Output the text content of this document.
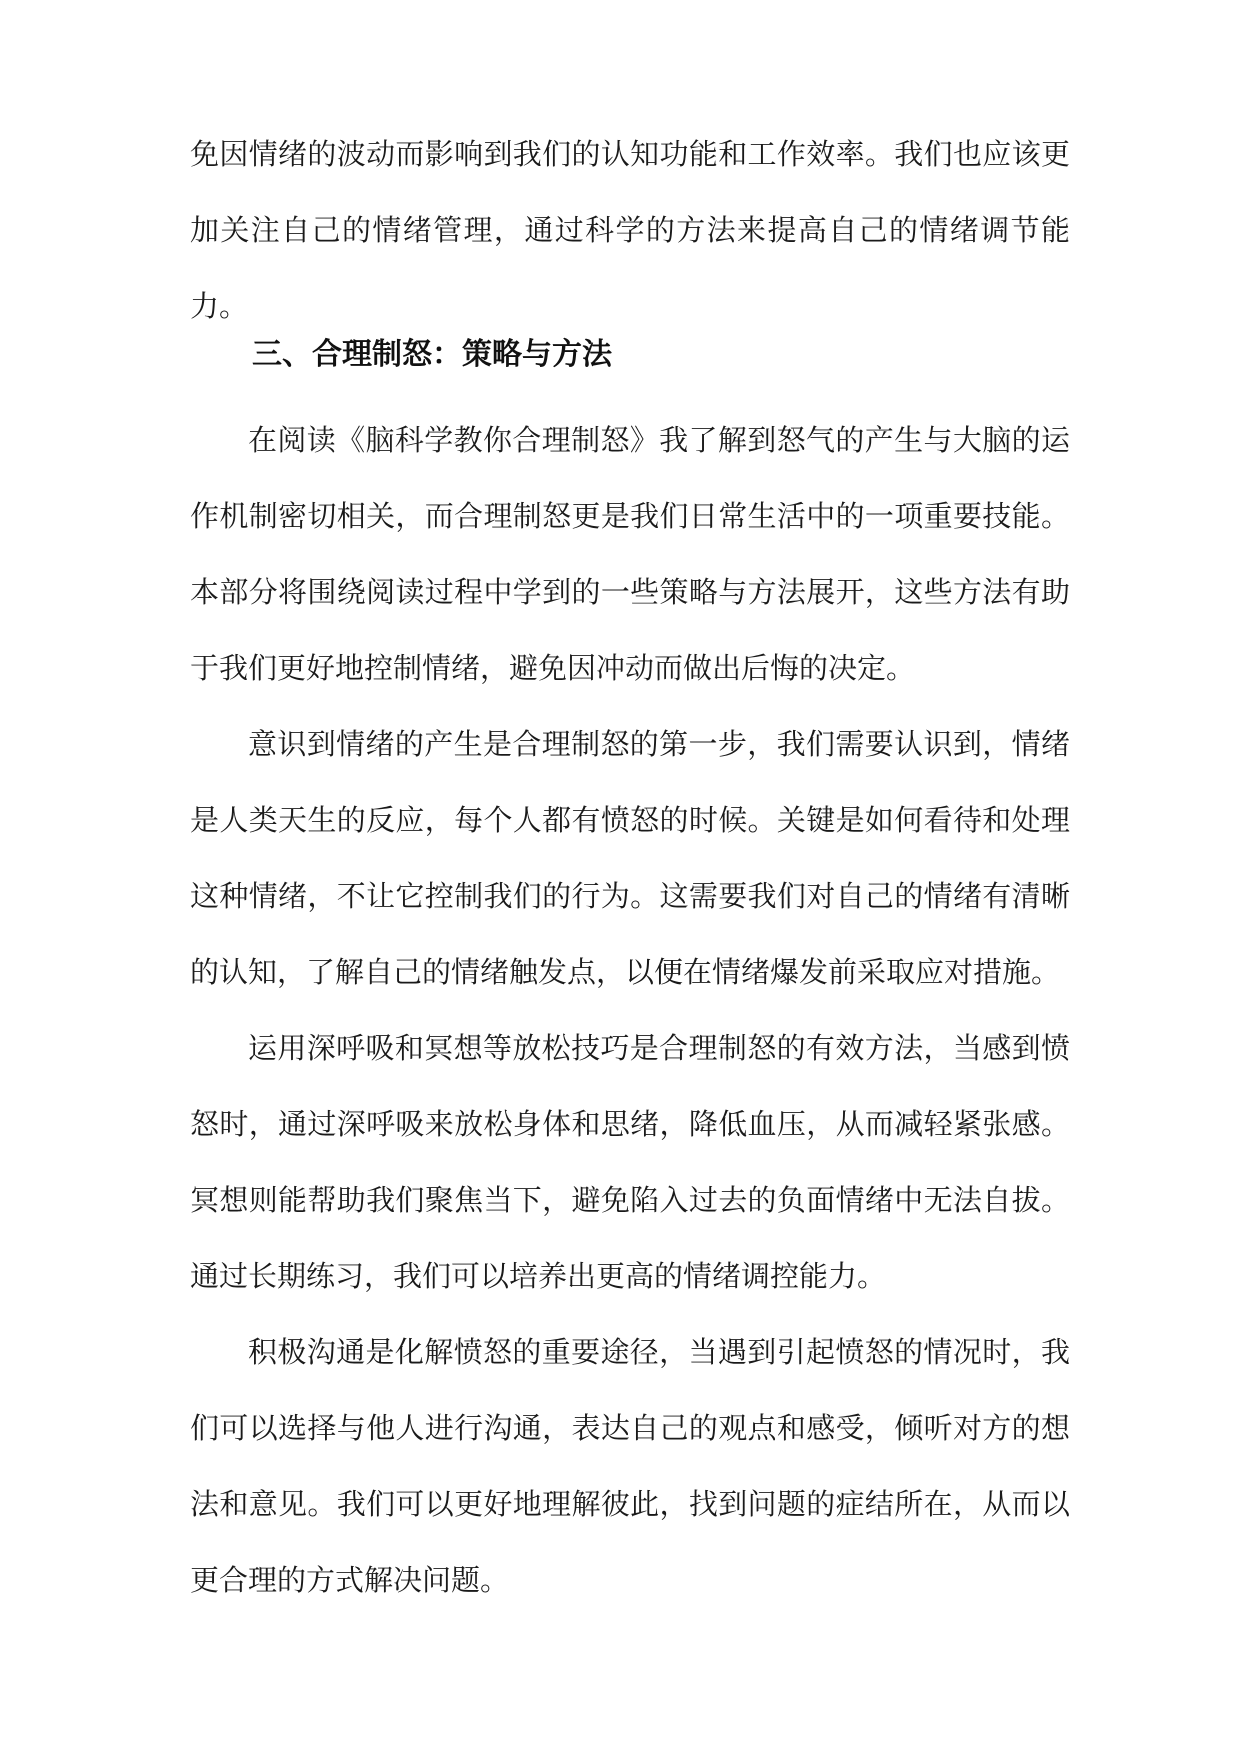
免因情绪的波动而影响到我们的认知功能和工作效率。我们也应该更加关注自己的情绪管理，通过科学的方法来提高自己的情绪调节能力。

三、合理制怒：策略与方法

在阅读《脑科学教你合理制怒》我了解到怒气的产生与大脑的运作机制密切相关，而合理制怒更是我们日常生活中的一项重要技能。本部分将围绕阅读过程中学到的一些策略与方法展开，这些方法有助于我们更好地控制情绪，避免因冲动而做出后悔的决定。

意识到情绪的产生是合理制怒的第一步，我们需要认识到，情绪是人类天生的反应，每个人都有愤怒的时候。关键是如何看待和处理这种情绪，不让它控制我们的行为。这需要我们对自己的情绪有清晰的认知，了解自己的情绪触发点，以便在情绪爆发前采取应对措施。

运用深呼吸和冥想等放松技巧是合理制怒的有效方法，当感到愤怒时，通过深呼吸来放松身体和思绪，降低血压，从而减轻紧张感。冥想则能帮助我们聚焦当下，避免陷入过去的负面情绪中无法自拔。通过长期练习，我们可以培养出更高的情绪调控能力。

积极沟通是化解愤怒的重要途径，当遇到引起愤怒的情况时，我们可以选择与他人进行沟通，表达自己的观点和感受，倾听对方的想法和意见。我们可以更好地理解彼此，找到问题的症结所在，从而以更合理的方式解决问题。
